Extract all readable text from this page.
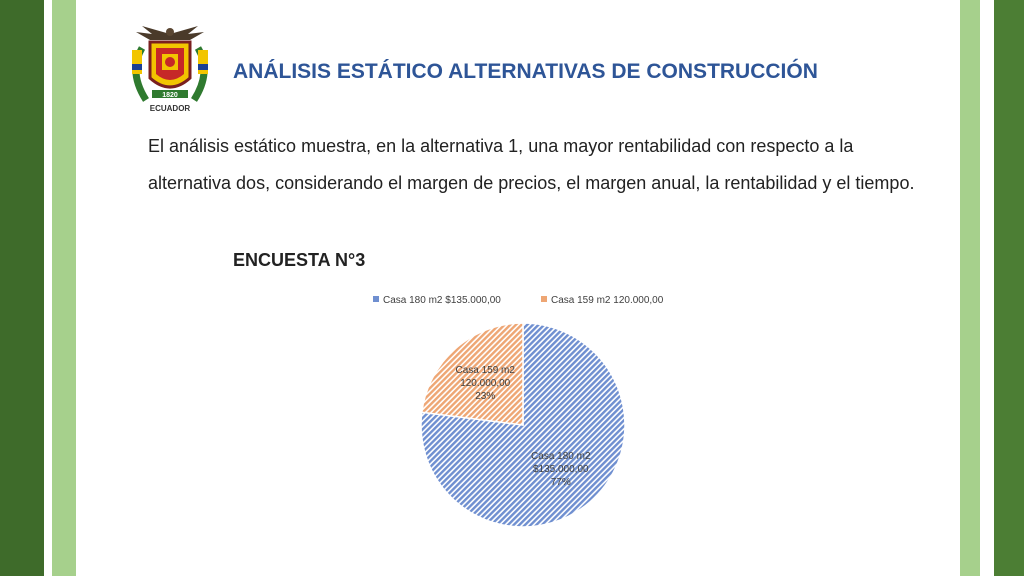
1820
ECUADOR
ANÁLISIS ESTÁTICO ALTERNATIVAS DE CONSTRUCCIÓN
El análisis estático muestra, en la alternativa 1, una mayor rentabilidad con respecto a la alternativa dos, considerando el margen de precios, el margen anual, la rentabilidad y el tiempo.
ENCUESTA N°3
Casa 180 m2 $135.000,00	Casa 159 m2 120.000,00
Casa 180 m2 $135.000,00 77%
Casa 159 m2 120.000,00 23%
